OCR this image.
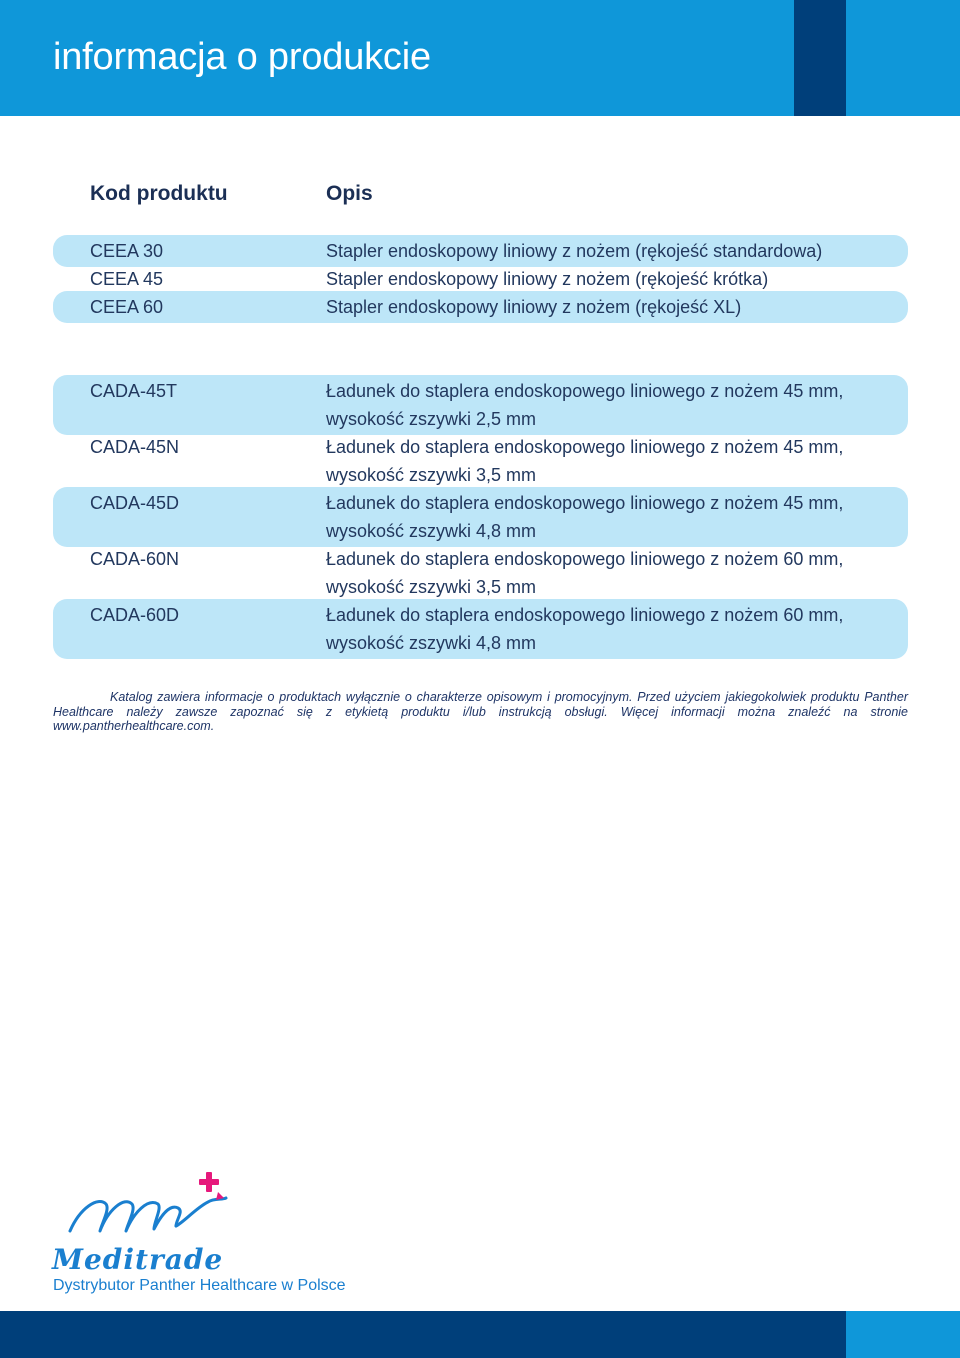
informacja o produkcie
Kod produktu	Opis
CEEA 30	Stapler endoskopowy liniowy z nożem (rękojeść standardowa)
CEEA 45	Stapler endoskopowy liniowy z nożem (rękojeść krótka)
CEEA 60	Stapler endoskopowy liniowy z nożem (rękojeść XL)
CADA-45T	Ładunek do staplera endoskopowego liniowego z nożem 45 mm,
wysokość zszywki 2,5 mm
CADA-45N	Ładunek do staplera endoskopowego liniowego z nożem 45 mm,
wysokość zszywki 3,5 mm
CADA-45D	Ładunek do staplera endoskopowego liniowego z nożem 45 mm,
wysokość zszywki 4,8 mm
CADA-60N	Ładunek do staplera endoskopowego liniowego z nożem 60 mm,
wysokość zszywki 3,5 mm
CADA-60D	Ładunek do staplera endoskopowego liniowego z nożem 60 mm,
wysokość zszywki 4,8 mm
Katalog zawiera informacje o produktach wyłącznie o charakterze opisowym i promocyjnym. Przed użyciem jakiegokolwiek produktu Panther Healthcare należy zawsze zapoznać się z etykietą produktu i/lub instrukcją obsługi. Więcej informacji można znaleźć na stronie www.pantherhealthcare.com.
Meditrade
Dystrybutor Panther Healthcare w Polsce
